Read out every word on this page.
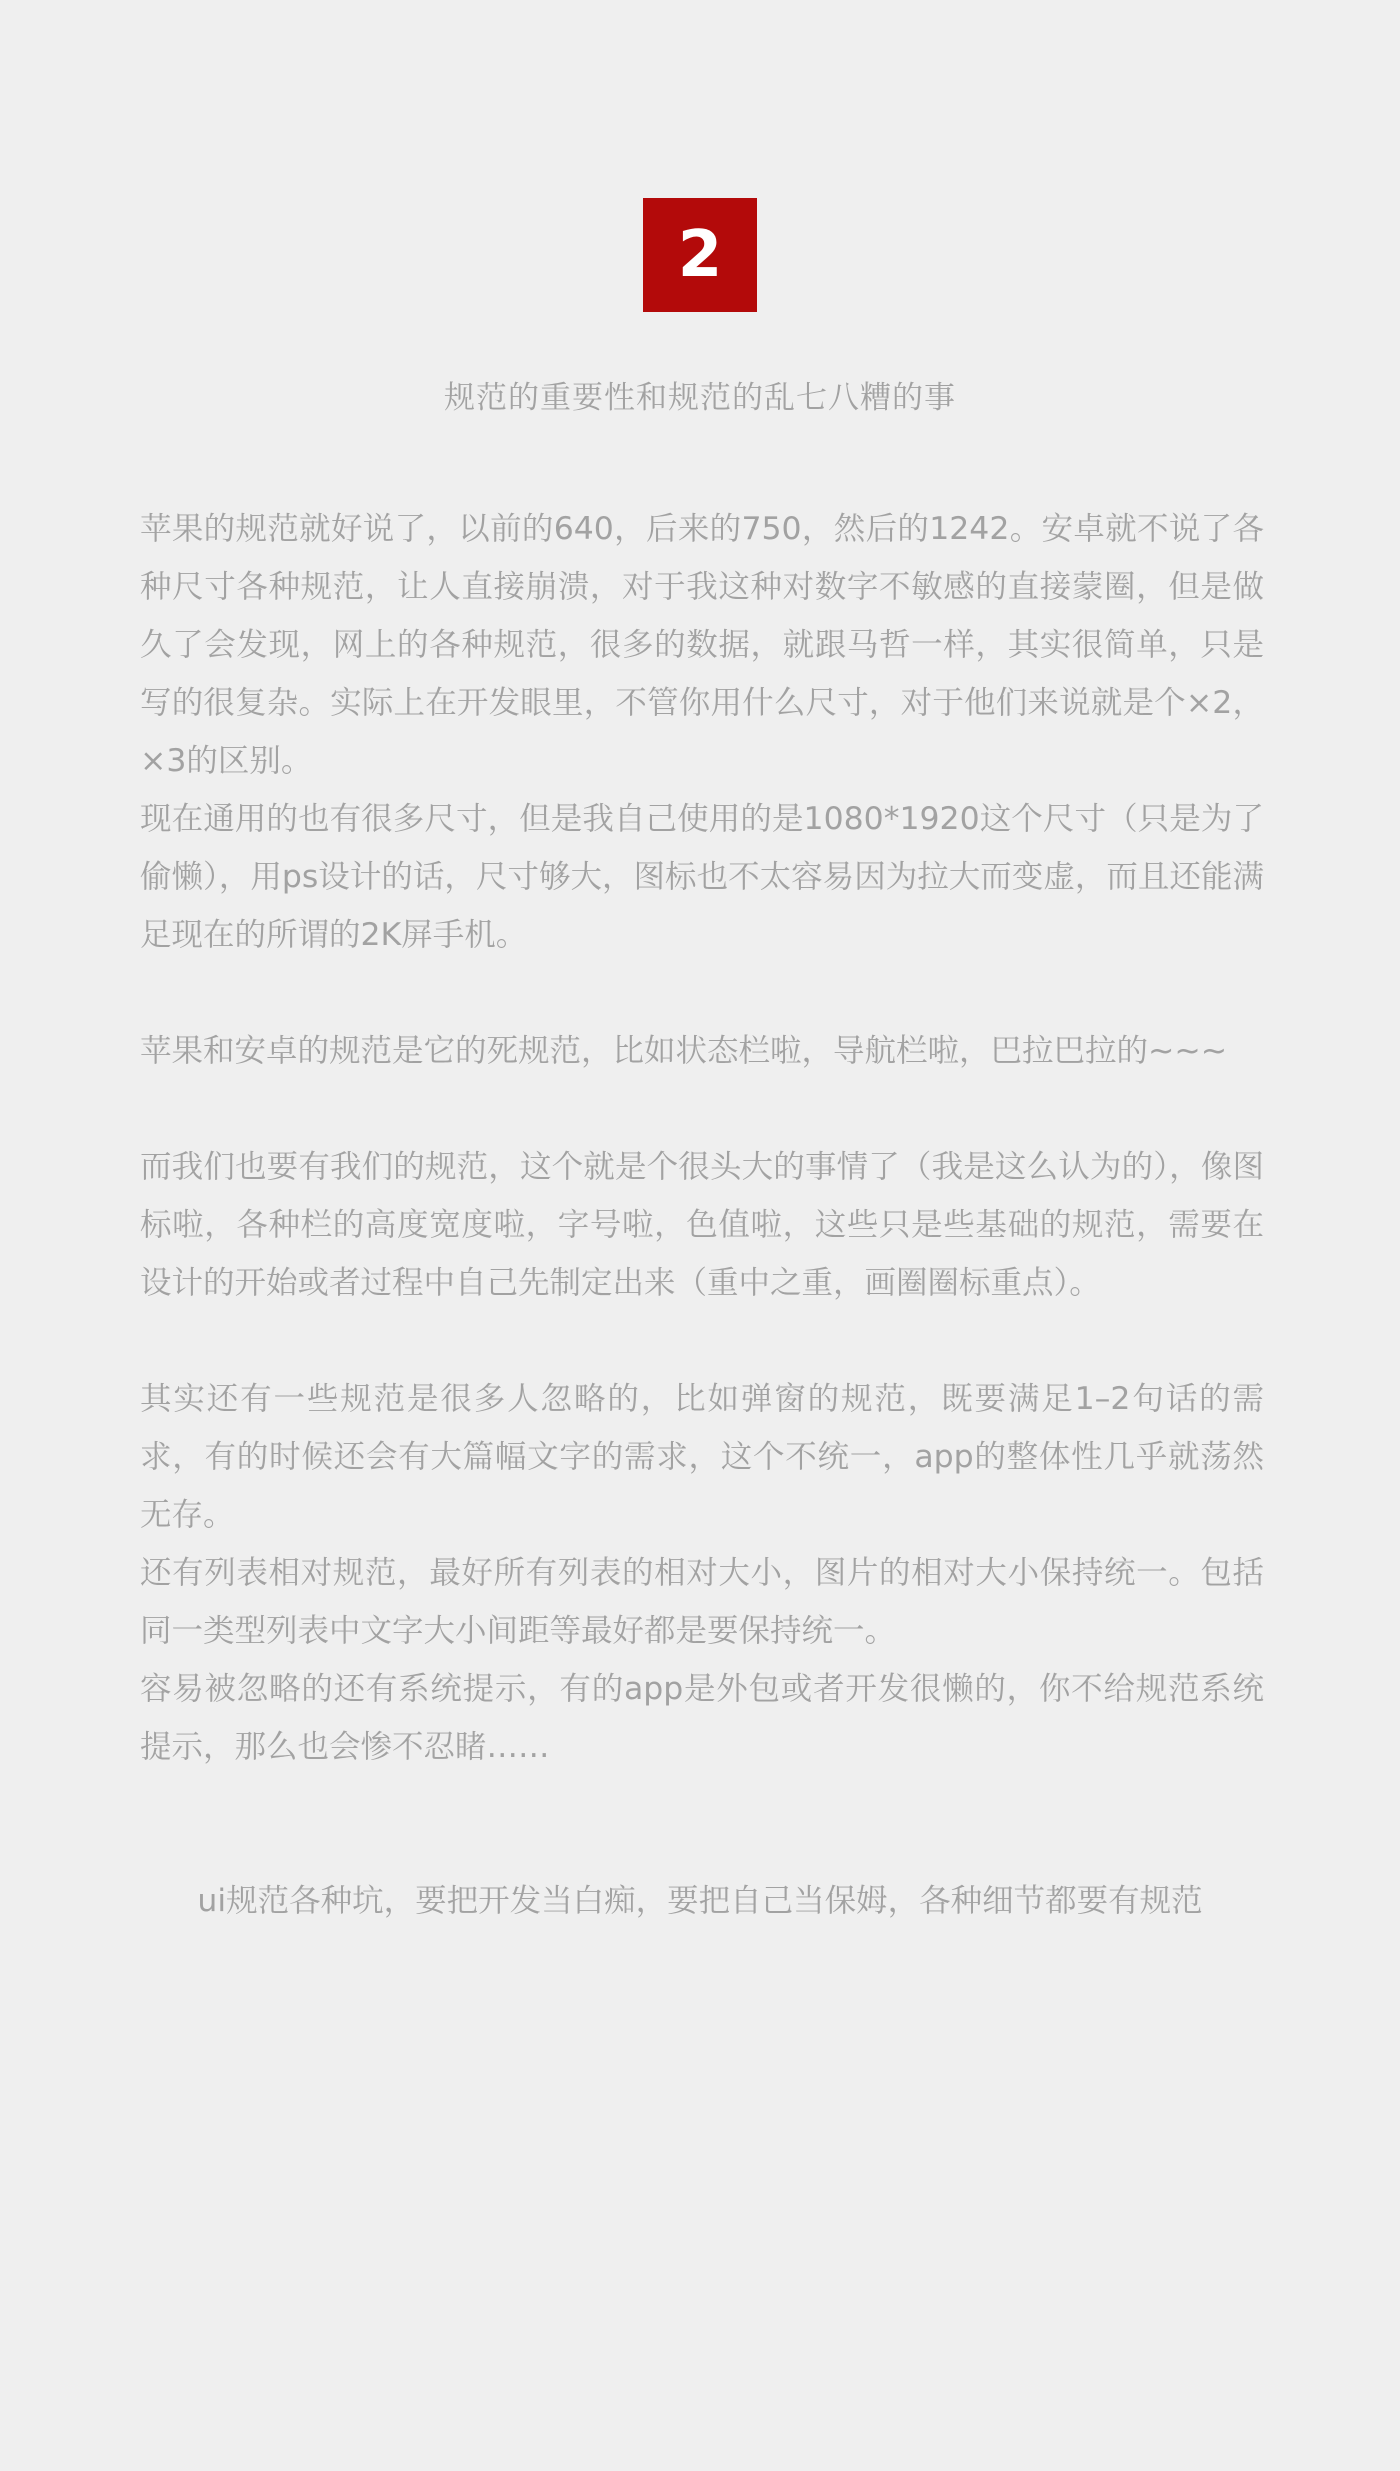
2
规范的重要性和规范的乱七八糟的事

苹果的规范就好说了，以前的640，后来的750，然后的1242。安卓就不说了各种尺寸各种规范，让人直接崩溃，对于我这种对数字不敏感的直接蒙圈，但是做久了会发现，网上的各种规范，很多的数据，就跟马哲一样，其实很简单，只是写的很复杂。实际上在开发眼里，不管你用什么尺寸，对于他们来说就是个×2，×3的区别。

现在通用的也有很多尺寸，但是我自己使用的是1080*1920这个尺寸（只是为了偷懒），用ps设计的话，尺寸够大，图标也不太容易因为拉大而变虚，而且还能满足现在的所谓的2K屏手机。

苹果和安卓的规范是它的死规范，比如状态栏啦，导航栏啦，巴拉巴拉的~~~

而我们也要有我们的规范，这个就是个很头大的事情了（我是这么认为的），像图标啦，各种栏的高度宽度啦，字号啦，色值啦，这些只是些基础的规范，需要在设计的开始或者过程中自己先制定出来（重中之重，画圈圈标重点）。

其实还有一些规范是很多人忽略的，比如弹窗的规范，既要满足1–2句话的需求，有的时候还会有大篇幅文字的需求，这个不统一，app的整体性几乎就荡然无存。

还有列表相对规范，最好所有列表的相对大小，图片的相对大小保持统一。包括同一类型列表中文字大小间距等最好都是要保持统一。

容易被忽略的还有系统提示，有的app是外包或者开发很懒的，你不给规范系统提示，那么也会惨不忍睹……

ui规范各种坑，要把开发当白痴，要把自己当保姆，各种细节都要有规范
